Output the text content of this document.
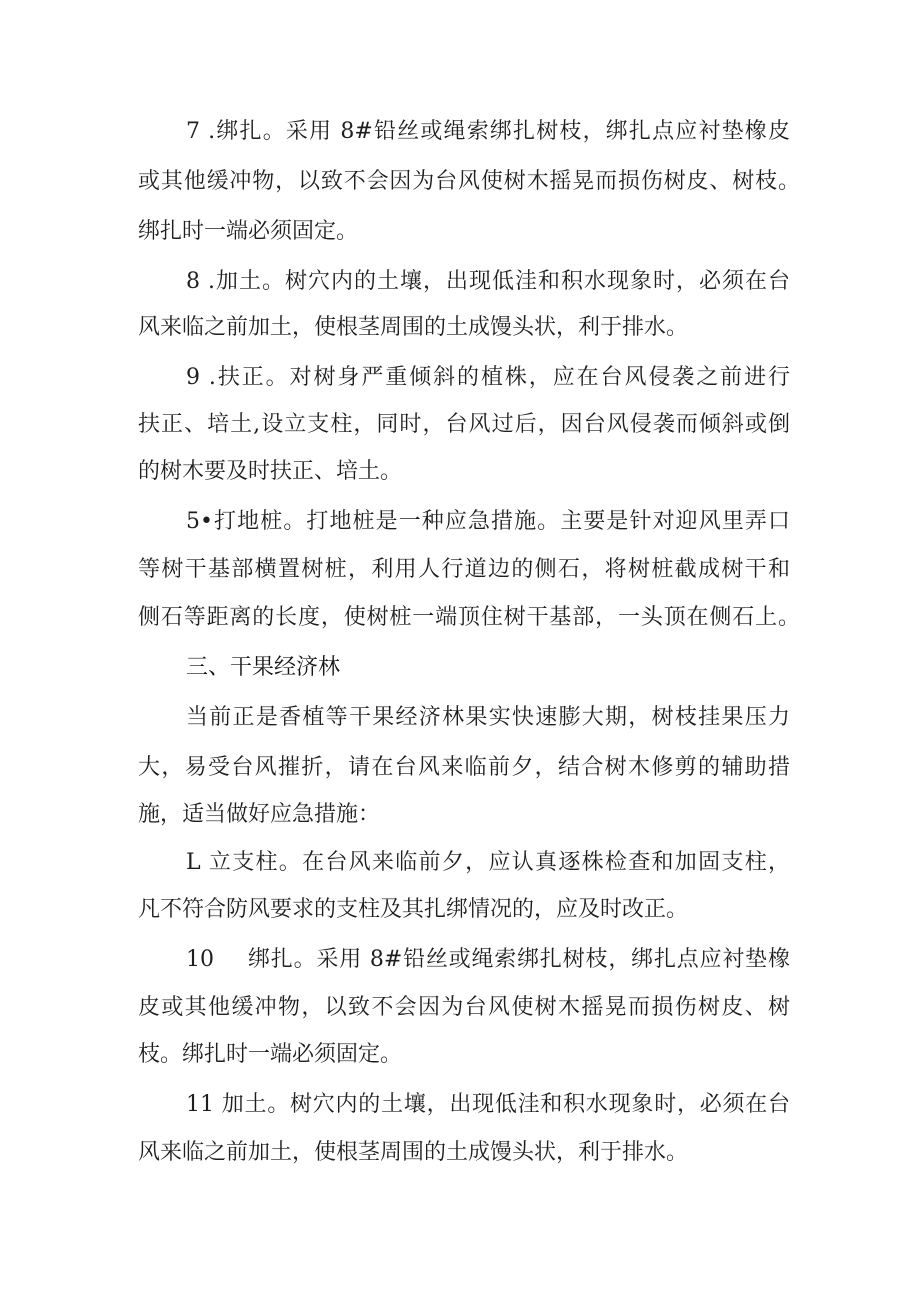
7 .绑扎。采用 8#铅丝或绳索绑扎树枝，绑扎点应衬垫橡皮
或其他缓冲物，以致不会因为台风使树木摇晃而损伤树皮、树枝。
绑扎时一端必须固定。
8 .加土。树穴内的土壤，出现低洼和积水现象时，必须在台
风来临之前加土，使根茎周围的土成馒头状，利于排水。
9 .扶正。对树身严重倾斜的植株，应在台风侵袭之前进行
扶正、培土,设立支柱，同时，台风过后，因台风侵袭而倾斜或倒
的树木要及时扶正、培土。
5•打地桩。打地桩是一种应急措施。主要是针对迎风里弄口
等树干基部横置树桩，利用人行道边的侧石，将树桩截成树干和
侧石等距离的长度，使树桩一端顶住树干基部，一头顶在侧石上。
三、干果经济林
当前正是香植等干果经济林果实快速膨大期，树枝挂果压力
大，易受台风摧折，请在台风来临前夕，结合树木修剪的辅助措
施，适当做好应急措施：
L 立支柱。在台风来临前夕，应认真逐株检查和加固支柱，
凡不符合防风要求的支柱及其扎绑情况的，应及时改正。
10 绑扎。采用 8#铅丝或绳索绑扎树枝，绑扎点应衬垫橡
皮或其他缓冲物，以致不会因为台风使树木摇晃而损伤树皮、树
枝。绑扎时一端必须固定。
11 加土。树穴内的土壤，出现低洼和积水现象时，必须在台
风来临之前加土，使根茎周围的土成馒头状，利于排水。
